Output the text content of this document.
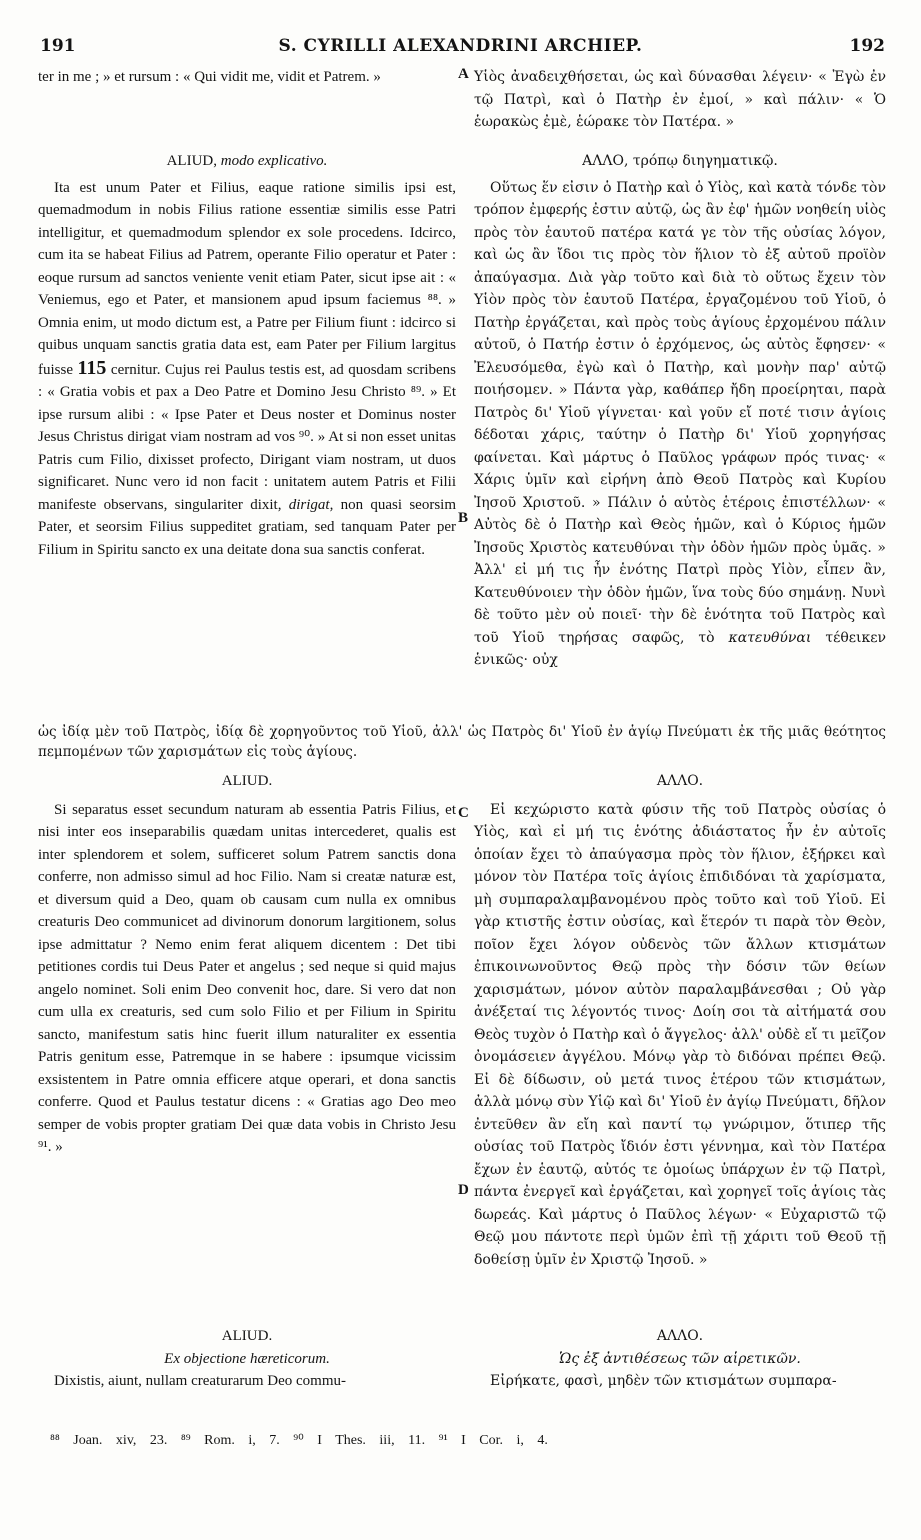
191	S. CYRILLI ALEXANDRINI ARCHIEP.	192

ter in me ; » et rursum : « Qui vidit me, vidit et Patrem. »	A Υἱὸς ἀναδειχθήσεται, ὡς καὶ δύνασθαι λέγειν· « Ἐγὼ ἐν τῷ Πατρὶ, καὶ ὁ Πατὴρ ἐν ἐμοί, » καὶ πάλιν· « Ὁ ἑωρακὼς ἐμὲ, ἑώρακε τὸν Πατέρα. »

ALIUD, modo explicativo.

Ita est unum Pater et Filius, eaque ratione similis ipsi est, quemadmodum in nobis Filius ratione essentiæ similis esse Patri intelligitur, et quemadmodum splendor ex sole procedens. Idcirco, cum ita se habeat Filius ad Patrem, operante Filio operatur et Pater : eoque rursum ad sanctos veniente venit etiam Pater, sicut ipse ait : « Veniemus, ego et Pater, et mansionem apud ipsum faciemus ⁸⁸. » Omnia enim, ut modo dictum est, a Patre per Filium fiunt : idcirco si quibus unquam sanctis gratia data est, eam Pater per Filium largitus fuisse 115 cernitur. Cujus rei Paulus testis est, ad quosdam scribens : « Gratia vobis et pax a Deo Patre et Domino Jesu Christo ⁸⁹. » Et ipse rursum alibi : « Ipse Pater et Deus noster et Dominus noster Jesus Christus dirigat viam nostram ad vos ⁹⁰. » At si non esset unitas Patris cum Filio, dixisset profecto, Dirigant viam nostram, ut duos significaret. Nunc vero id non facit : unitatem autem Patris et Filii manifeste observans, singulariter dixit, dirigat, non quasi seorsim Pater, et seorsim Filius suppeditet gratiam, sed tanquam Pater per Filium in Spiritu sancto ex una deitate dona sua sanctis conferat.

B
ΑΛΛΟ, τρόπῳ διηγηματικῷ.

Οὕτως ἕν εἰσιν ὁ Πατὴρ καὶ ὁ Υἱὸς, καὶ κατὰ τόνδε τὸν τρόπον ἐμφερής ἐστιν αὐτῷ, ὡς ἂν ἐφ' ἡμῶν νοηθείη υἱὸς πρὸς τὸν ἑαυτοῦ πατέρα κατά γε τὸν τῆς οὐσίας λόγον, καὶ ὡς ἂν ἴδοι τις πρὸς τὸν ἥλιον τὸ ἐξ αὐτοῦ προϊὸν ἀπαύγασμα. Διὰ γὰρ τοῦτο καὶ διὰ τὸ οὕτως ἔχειν τὸν Υἱὸν πρὸς τὸν ἑαυτοῦ Πατέρα, ἐργαζομένου τοῦ Υἱοῦ, ὁ Πατὴρ ἐργάζεται, καὶ πρὸς τοὺς ἁγίους ἐρχομένου πάλιν αὐτοῦ, ὁ Πατήρ ἐστιν ὁ ἐρχόμενος, ὡς αὐτὸς ἔφησεν· « Ἐλευσόμεθα, ἐγὼ καὶ ὁ Πατὴρ, καὶ μονὴν παρ' αὐτῷ ποιήσομεν. » Πάντα γὰρ, καθάπερ ἤδη προείρηται, παρὰ Πατρὸς δι' Υἱοῦ γίγνεται· καὶ γοῦν εἴ ποτέ τισιν ἁγίοις δέδοται χάρις, ταύτην ὁ Πατὴρ δι' Υἱοῦ χορηγήσας φαίνεται. Καὶ μάρτυς ὁ Παῦλος γράφων πρός τινας· « Χάρις ὑμῖν καὶ εἰρήνη ἀπὸ Θεοῦ Πατρὸς καὶ Κυρίου Ἰησοῦ Χριστοῦ. » Πάλιν ὁ αὐτὸς ἑτέροις ἐπιστέλλων· « Αὐτὸς δὲ ὁ Πατὴρ καὶ Θεὸς ἡμῶν, καὶ ὁ Κύριος ἡμῶν Ἰησοῦς Χριστὸς κατευθύναι τὴν ὁδὸν ἡμῶν πρὸς ὑμᾶς. » Ἀλλ' εἰ μή τις ἦν ἑνότης Πατρὶ πρὸς Υἱὸν, εἶπεν ἂν, Κατευθύνοιεν τὴν ὁδὸν ἡμῶν, ἵνα τοὺς δύο σημάνῃ. Νυνὶ δὲ τοῦτο μὲν οὐ ποιεῖ· τὴν δὲ ἑνότητα τοῦ Πατρὸς καὶ τοῦ Υἱοῦ τηρήσας σαφῶς, τὸ κατευθύναι τέθεικεν ἑνικῶς· οὐχ

ὡς ἰδίᾳ μὲν τοῦ Πατρὸς, ἰδίᾳ δὲ χορηγοῦντος τοῦ Υἱοῦ, ἀλλ' ὡς Πατρὸς δι' Υἱοῦ ἐν ἁγίῳ Πνεύματι ἐκ τῆς μιᾶς θεότητος πεμπομένων τῶν χαρισμάτων εἰς τοὺς ἁγίους.
ALIUD.

Si separatus esset secundum naturam ab essentia Patris Filius, et nisi inter eos inseparabilis quædam unitas intercederet, qualis est inter splendorem et solem, sufficeret solum Patrem sanctis dona conferre, non admisso simul ad hoc Filio. Nam si creatæ naturæ est, et diversum quid a Deo, quam ob causam cum nulla ex omnibus creaturis Deo communicet ad divinorum donorum largitionem, solus ipse admittatur ? Nemo enim ferat aliquem dicentem : Det tibi petitiones cordis tui Deus Pater et angelus ; sed neque si quid majus angelo nominet. Soli enim Deo convenit hoc, dare. Si vero dat non cum ulla ex creaturis, sed cum solo Filio et per Filium in Spiritu sancto, manifestum satis hinc fuerit illum naturaliter ex essentia Patris genitum esse, Patremque in se habere : ipsumque vicissim exsistentem in Patre omnia efficere atque operari, et dona sanctis conferre. Quod et Paulus testatur dicens : « Gratias ago Deo meo semper de vobis propter gratiam Dei quæ data vobis in Christo Jesu ⁹¹. »

C
D
ΑΛΛΟ.

Εἰ κεχώριστο κατὰ φύσιν τῆς τοῦ Πατρὸς οὐσίας ὁ Υἱὸς, καὶ εἰ μή τις ἑνότης ἀδιάστατος ἦν ἐν αὐτοῖς ὁποίαν ἔχει τὸ ἀπαύγασμα πρὸς τὸν ἥλιον, ἐξήρκει καὶ μόνον τὸν Πατέρα τοῖς ἁγίοις ἐπιδιδόναι τὰ χαρίσματα, μὴ συμπαραλαμβανομένου πρὸς τοῦτο καὶ τοῦ Υἱοῦ. Εἰ γὰρ κτιστῆς ἐστιν οὐσίας, καὶ ἕτερόν τι παρὰ τὸν Θεὸν, ποῖον ἔχει λόγον οὐδενὸς τῶν ἄλλων κτισμάτων ἐπικοινωνοῦντος Θεῷ πρὸς τὴν δόσιν τῶν θείων χαρισμάτων, μόνον αὐτὸν παραλαμβάνεσθαι ; Οὐ γὰρ ἀνέξεταί τις λέγοντός τινος· Δοίη σοι τὰ αἰτήματά σου Θεὸς τυχὸν ὁ Πατὴρ καὶ ὁ ἄγγελος· ἀλλ' οὐδὲ εἴ τι μεῖζον ὀνομάσειεν ἀγγέλου. Μόνῳ γὰρ τὸ διδόναι πρέπει Θεῷ. Εἰ δὲ δίδωσιν, οὐ μετά τινος ἑτέρου τῶν κτισμάτων, ἀλλὰ μόνῳ σὺν Υἱῷ καὶ δι' Υἱοῦ ἐν ἁγίῳ Πνεύματι, δῆλον ἐντεῦθεν ἂν εἴη καὶ παντί τῳ γνώριμον, ὅτιπερ τῆς οὐσίας τοῦ Πατρὸς ἴδιόν ἐστι γέννημα, καὶ τὸν Πατέρα ἔχων ἐν ἑαυτῷ, αὐτός τε ὁμοίως ὑπάρχων ἐν τῷ Πατρὶ, πάντα ἐνεργεῖ καὶ ἐργάζεται, καὶ χορηγεῖ τοῖς ἁγίοις τὰς δωρεάς. Καὶ μάρτυς ὁ Παῦλος λέγων· « Εὐχαριστῶ τῷ Θεῷ μου πάντοτε περὶ ὑμῶν ἐπὶ τῇ χάριτι τοῦ Θεοῦ τῇ δοθείσῃ ὑμῖν ἐν Χριστῷ Ἰησοῦ. »

ALIUD.
Ex objectione hæreticorum.

Dixistis, aiunt, nullam creaturarum Deo commu-

ΑΛΛΟ.
Ὡς ἐξ ἀντιθέσεως τῶν αἱρετικῶν.

Εἰρήκατε, φασὶ, μηδὲν τῶν κτισμάτων συμπαρα-

⁸⁸ Joan. xiv, 23. ⁸⁹ Rom. i, 7. ⁹⁰ I Thes. iii, 11. ⁹¹ I Cor. i, 4.
